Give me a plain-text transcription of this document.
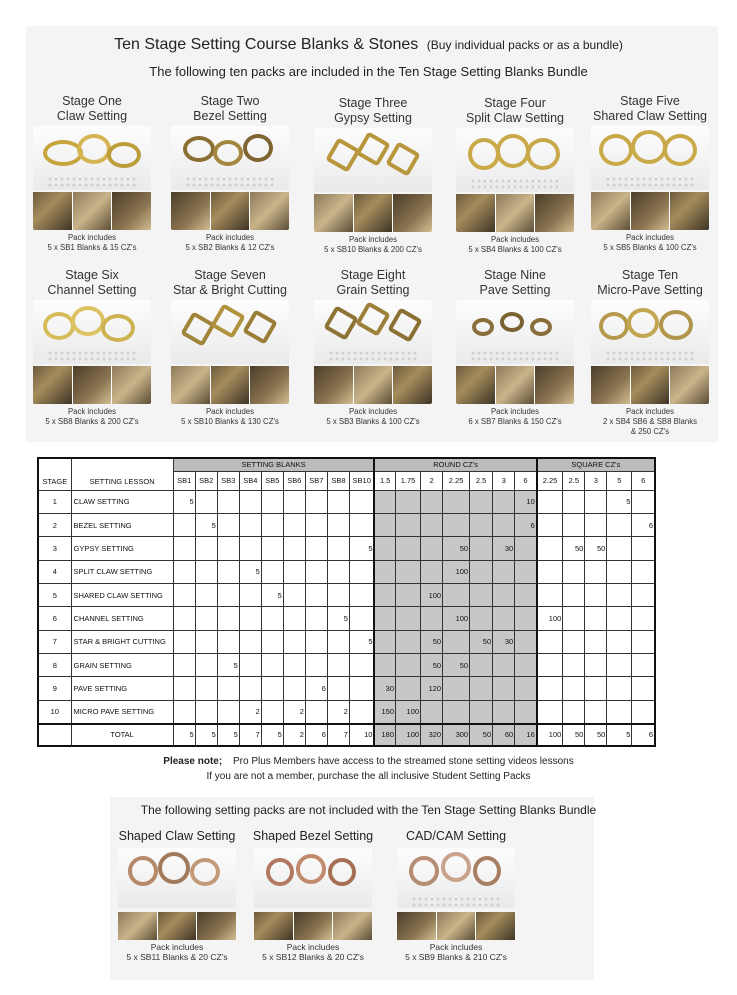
Ten Stage Setting Course Blanks & Stones (Buy individual packs or as a bundle)
The following ten packs are included in the Ten Stage Setting Blanks Bundle
Stage One
Claw Setting
Pack includes
5 x SB1 Blanks & 15 CZ's
Stage Two
Bezel Setting
Pack includes
5 x SB2 Blanks & 12 CZ's
Stage Three
Gypsy Setting
Pack includes
5 x SB10 Blanks & 200 CZ's
Stage Four
Split Claw Setting
Pack includes
5 x SB4 Blanks & 100 CZ's
Stage Five
Shared Claw Setting
Pack includes
5 x SB5 Blanks & 100 CZ's
Stage Six
Channel Setting
Pack includes
5 x SB8 Blanks & 200 CZ's
Stage Seven
Star & Bright Cutting
Pack includes
5 x SB10 Blanks & 130 CZ's
Stage Eight
Grain Setting
Pack includes
5 x SB3 Blanks & 100 CZ's
Stage Nine
Pave Setting
Pack includes
6 x SB7 Blanks & 150 CZ's
Stage Ten
Micro-Pave Setting
Pack includes
2 x SB4 SB6 & SB8 Blanks
& 250 CZ's
STAGE	SETTING LESSON	SETTING BLANKS									ROUND CZ's							SQUARE CZ's				
		SB1	SB2	SB3	SB4	SB5	SB6	SB7	SB8	SB10	1.5	1.75	2	2.25	2.5	3	6	2.25	2.5	3	5	6
1	CLAW SETTING	5															10				5	
2	BEZEL SETTING		5														6					6
3	GYPSY SETTING									5				50		30			50	50		
4	SPLIT CLAW SETTING				5									100								
5	SHARED CLAW SETTING					5							100									
6	CHANNEL SETTING								5					100				100				
7	STAR & BRIGHT CUTTING									5			50		50	30						
8	GRAIN SETTING			5									50	50								
9	PAVE SETTING							6			30		120									
10	MICRO PAVE SETTING				2		2		2		150	100										
	TOTAL	5	5	5	7	5	2	6	7	10	180	100	320	300	50	60	16	100	50	50	5	6
Please note; Pro Plus Members have access to the streamed stone setting videos lessons
If you are not a member, purchase the all inclusive Student Setting Packs
The following setting packs are not included with the Ten Stage Setting Blanks Bundle
Shaped Claw Setting
Pack includes
5 x SB11 Blanks & 20 CZ's
Shaped Bezel Setting
Pack includes
5 x SB12 Blanks & 20 CZ's
CAD/CAM Setting
Pack includes
5 x SB9 Blanks & 210 CZ's
